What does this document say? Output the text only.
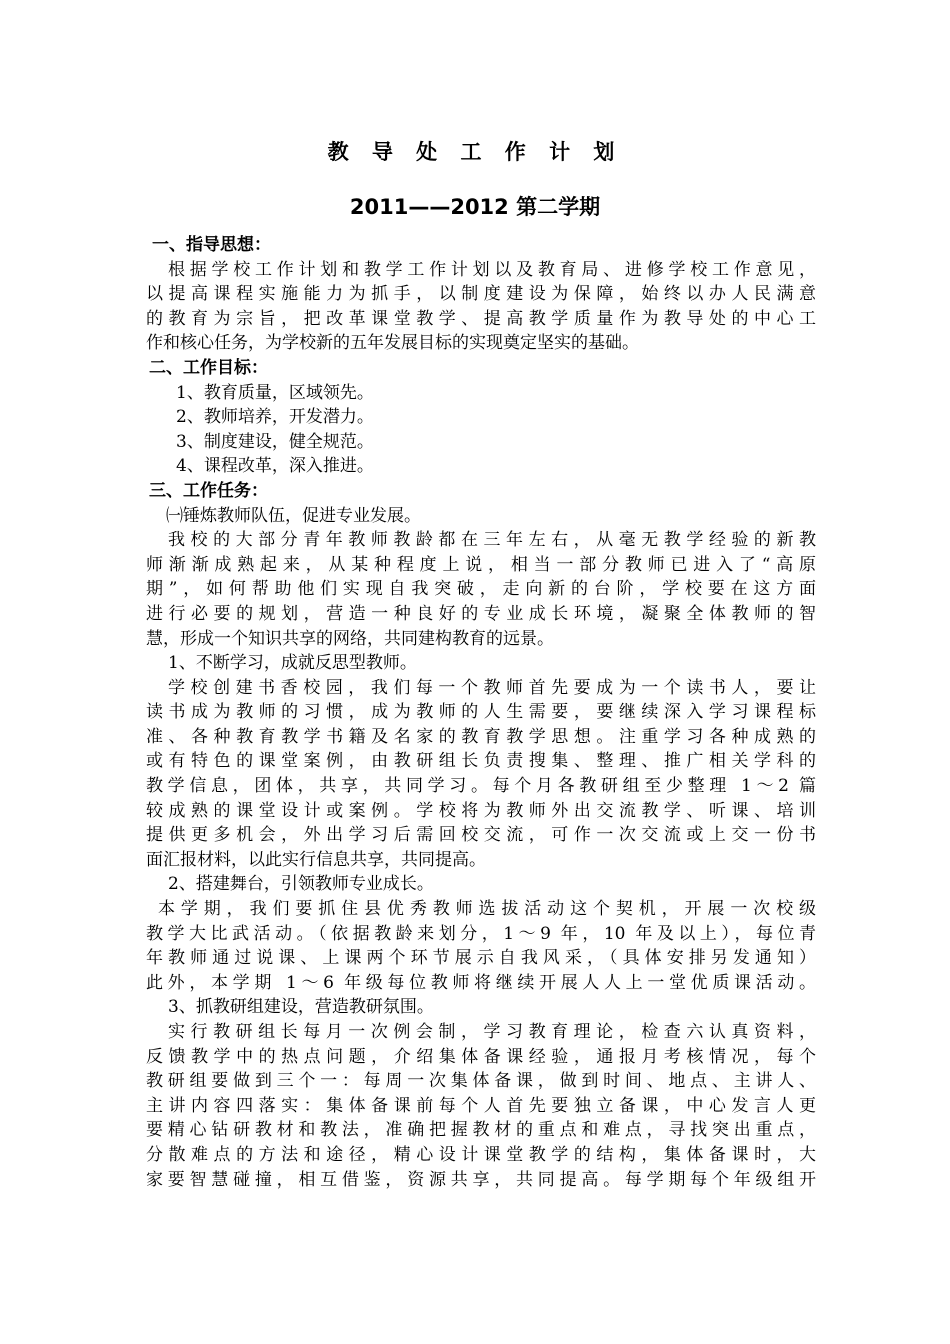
教 导 处 工 作 计 划
2011——2012 第二学期
一、指导思想：
根据学校工作计划和教学工作计划以及教育局、进修学校工作意见，
以提高课程实施能力为抓手，以制度建设为保障，始终以办人民满意
的教育为宗旨，把改革课堂教学、提高教学质量作为教导处的中心工
作和核心任务，为学校新的五年发展目标的实现奠定坚实的基础。
二、工作目标：
1、教育质量，区域领先。
2、教师培养，开发潜力。
3、制度建设，健全规范。
4、课程改革，深入推进。
三、工作任务：
㈠锤炼教师队伍，促进专业发展。
我校的大部分青年教师教龄都在三年左右，从毫无教学经验的新教
师渐渐成熟起来，从某种程度上说，相当一部分教师已进入了“高原
期”，如何帮助他们实现自我突破，走向新的台阶，学校要在这方面
进行必要的规划，营造一种良好的专业成长环境，凝聚全体教师的智
慧，形成一个知识共享的网络，共同建构教育的远景。
1、不断学习，成就反思型教师。
学校创建书香校园，我们每一个教师首先要成为一个读书人，要让
读书成为教师的习惯，成为教师的人生需要，要继续深入学习课程标
准、各种教育教学书籍及名家的教育教学思想。注重学习各种成熟的
或有特色的课堂案例，由教研组长负责搜集、整理、推广相关学科的
教学信息，团体，共享，共同学习。每个月各教研组至少整理 1～2 篇
较成熟的课堂设计或案例。学校将为教师外出交流教学、听课、培训
提供更多机会，外出学习后需回校交流，可作一次交流或上交一份书
面汇报材料，以此实行信息共享，共同提高。
2、搭建舞台，引领教师专业成长。
本学期，我们要抓住县优秀教师选拔活动这个契机，开展一次校级
教学大比武活动。（依据教龄来划分，1～9 年，10 年及以上），每位青
年教师通过说课、上课两个环节展示自我风采，（具体安排另发通知）
此外，本学期 1～6 年级每位教师将继续开展人人上一堂优质课活动。
3、抓教研组建设，营造教研氛围。
实行教研组长每月一次例会制，学习教育理论，检查六认真资料，
反馈教学中的热点问题，介绍集体备课经验，通报月考核情况，每个
教研组要做到三个一：每周一次集体备课，做到时间、地点、主讲人、
主讲内容四落实：集体备课前每个人首先要独立备课，中心发言人更
要精心钻研教材和教法，准确把握教材的重点和难点，寻找突出重点，
分散难点的方法和途径，精心设计课堂教学的结构，集体备课时，大
家要智慧碰撞，相互借鉴，资源共享，共同提高。每学期每个年级组开
